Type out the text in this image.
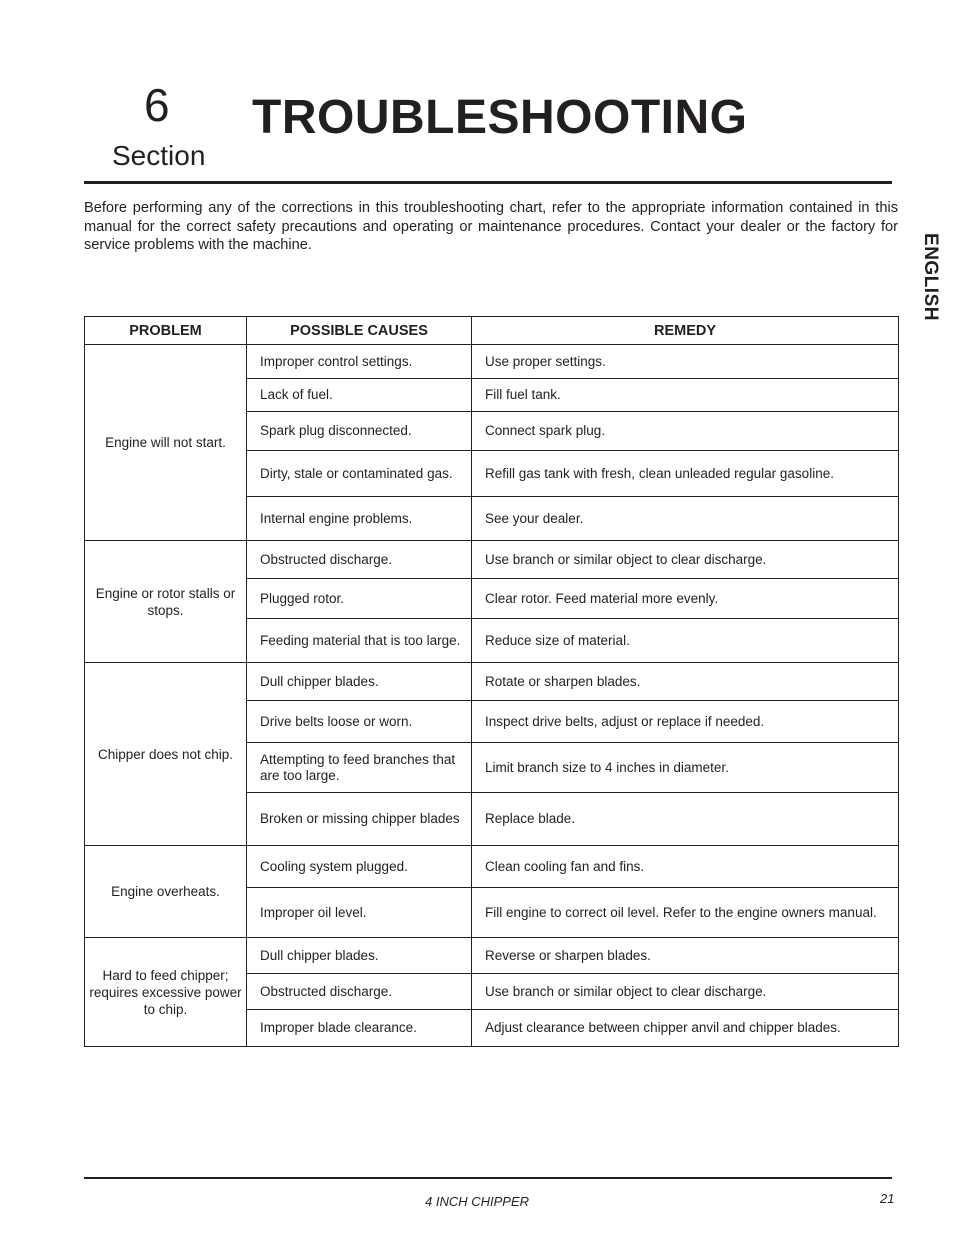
6
Section
TROUBLESHOOTING

Before performing any of the corrections in this troubleshooting chart, refer to the appropriate information contained in this manual for the correct safety precautions and operating or maintenance procedures. Contact your dealer or the factory for service problems with the machine.	ENGLISH
PROBLEM	POSSIBLE CAUSES	REMEDY
Engine will not start.	Improper control settings.	Use proper settings.
	Lack of fuel.	Fill fuel tank.
	Spark plug disconnected.	Connect spark plug.
	Dirty, stale or contaminated gas.	Refill gas tank with fresh, clean unleaded regular gasoline.
	Internal engine problems.	See your dealer.
Engine or rotor stalls or stops.	Obstructed discharge.	Use branch or similar object to clear discharge.
	Plugged rotor.	Clear rotor. Feed material more evenly.
	Feeding material that is too large.	Reduce size of material.
Chipper does not chip.	Dull chipper blades.	Rotate or sharpen blades.
	Drive belts loose or worn.	Inspect drive belts, adjust or replace if needed.
	Attempting to feed branches that are too large.	Limit branch size to 4 inches in diameter.
	Broken or missing chipper blades	Replace blade.
Engine overheats.	Cooling system plugged.	Clean cooling fan and fins.
	Improper oil level.	Fill engine to correct oil level. Refer to the engine owners manual.
Hard to feed chipper; requires excessive power to chip.	Dull chipper blades.	Reverse or sharpen blades.
	Obstructed discharge.	Use branch or similar object to clear discharge.
	Improper blade clearance.	Adjust clearance between chipper anvil and chipper blades.
4 INCH CHIPPER	21
